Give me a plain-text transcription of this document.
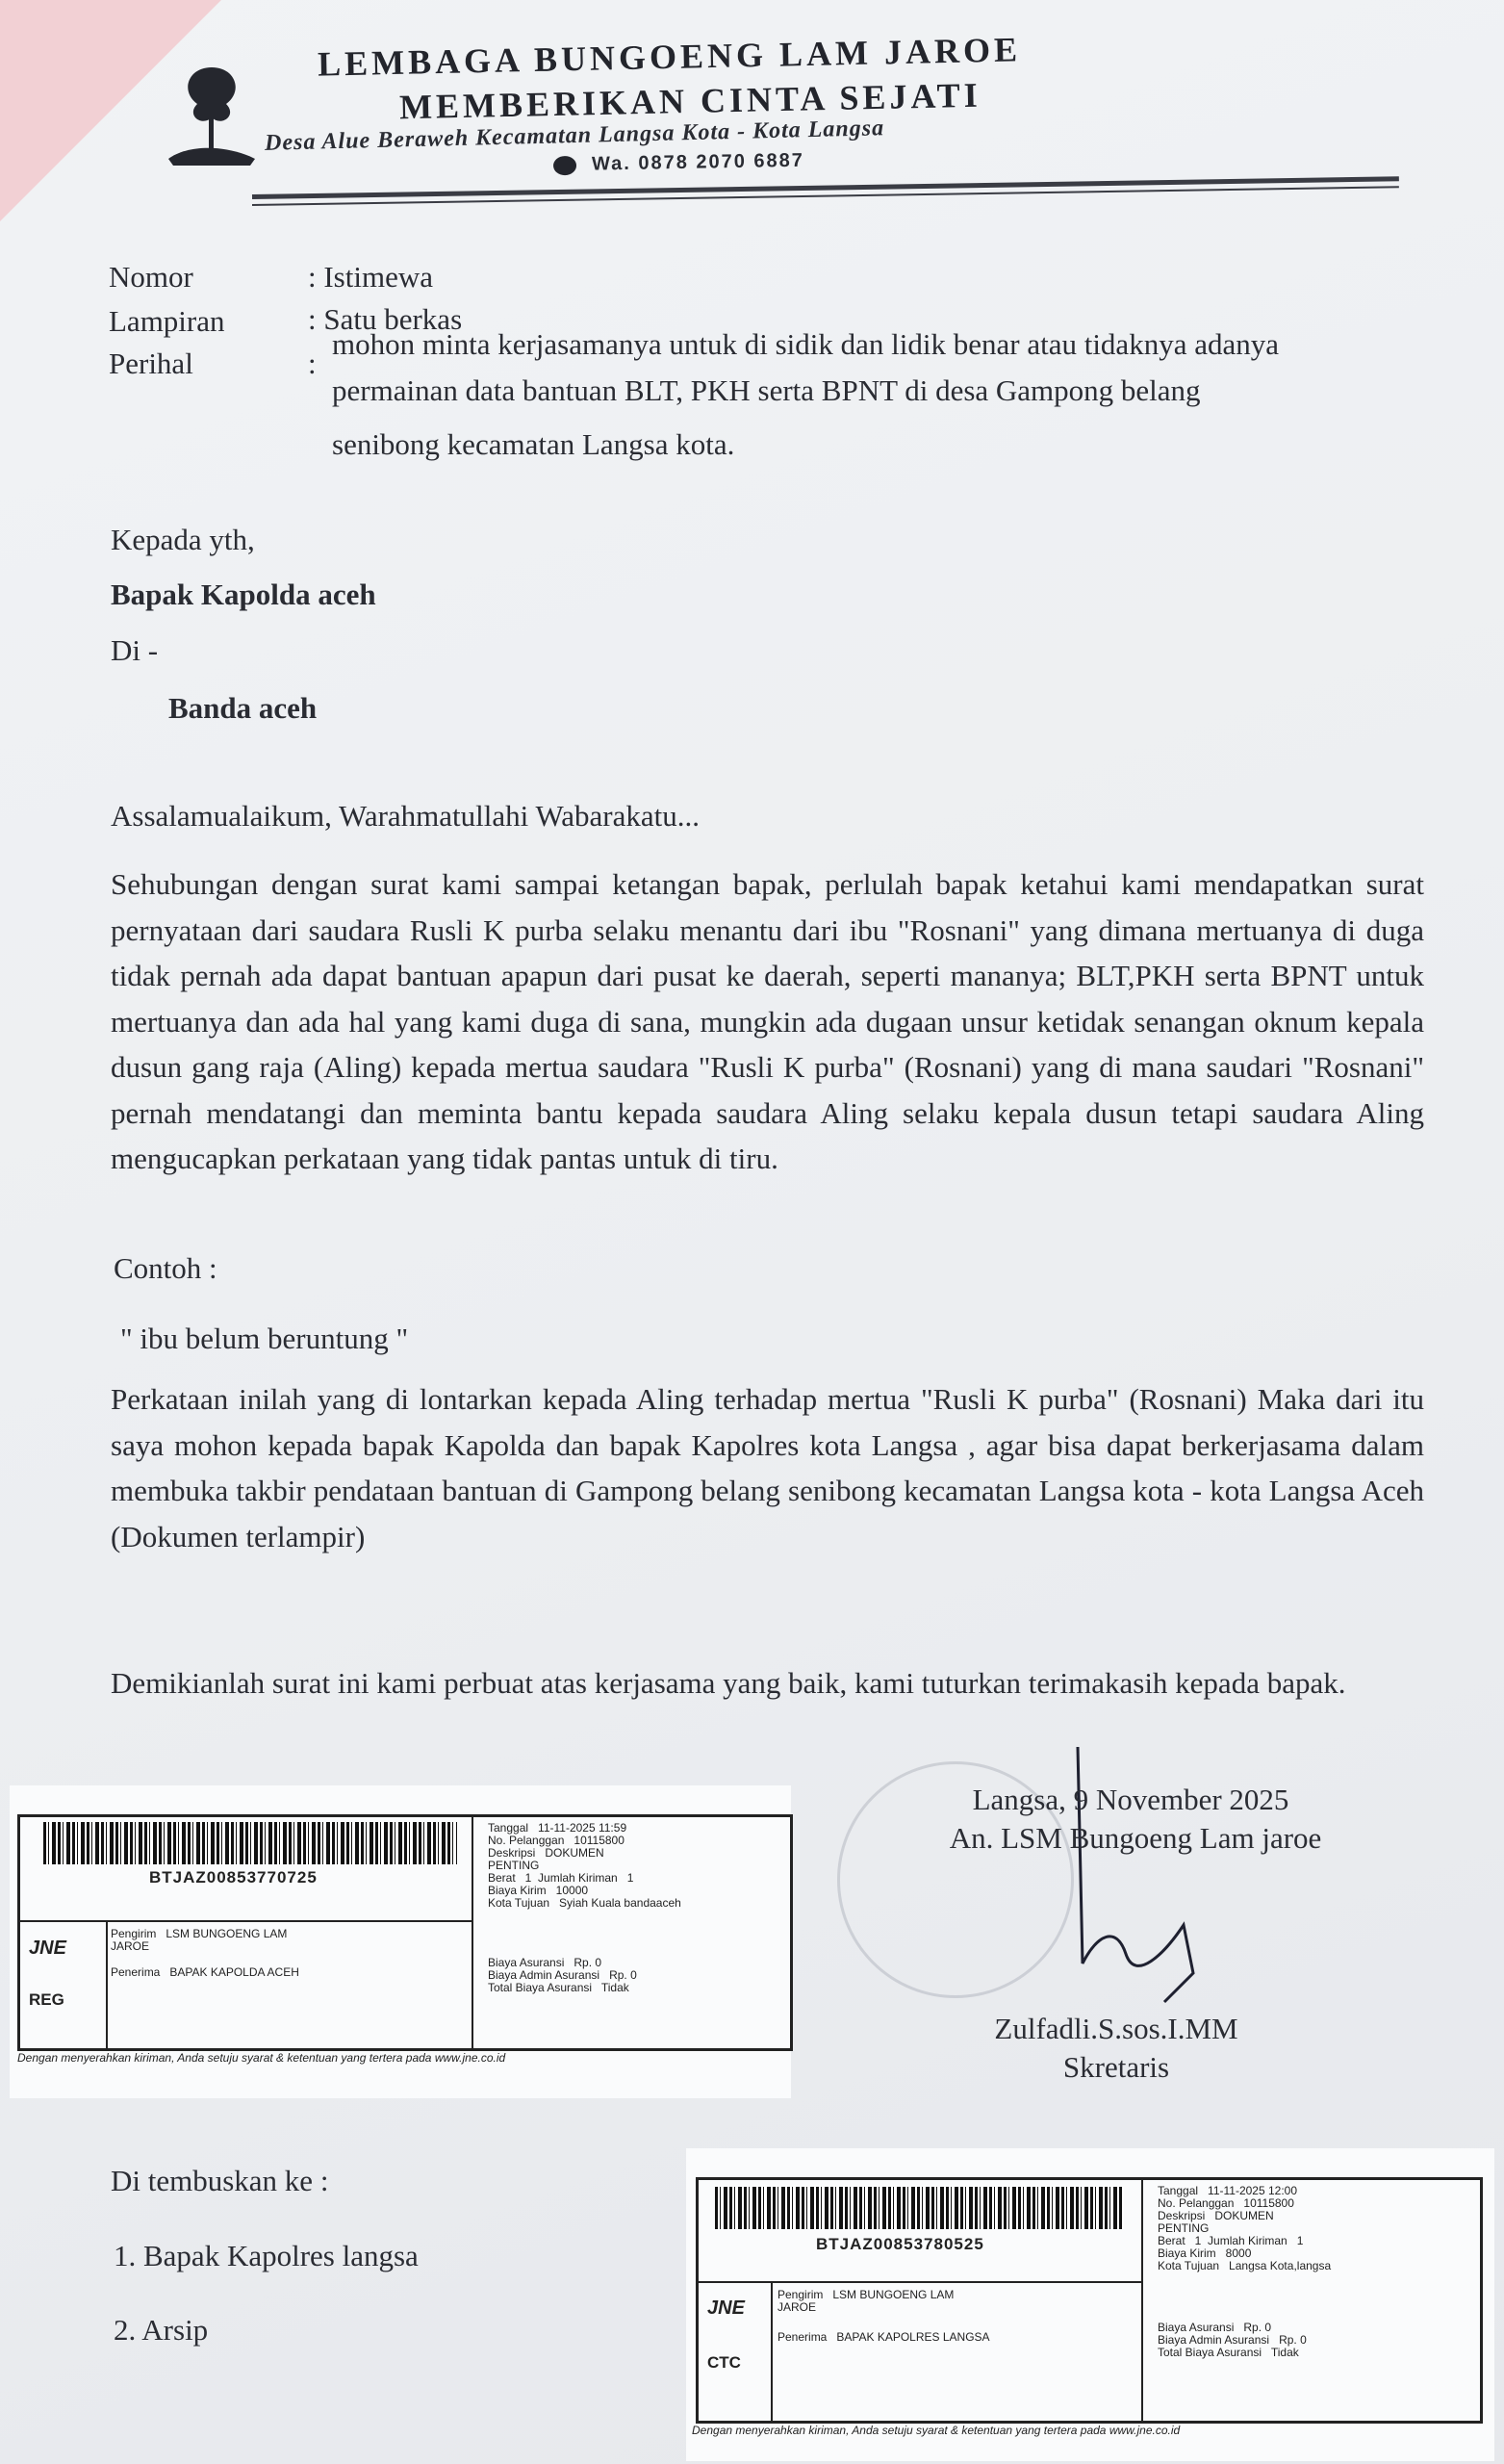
LEMBAGA BUNGOENG LAM JAROE
MEMBERIKAN CINTA SEJATI
Desa Alue Beraweh Kecamatan Langsa Kota - Kota Langsa
Wa. 0878 2070 6887
Nomor	: Istimewa
Lampiran	: Satu berkas
Perihal	:
mohon minta kerjasamanya untuk di sidik dan lidik benar atau tidaknya adanya
permainan data bantuan BLT, PKH serta BPNT di desa Gampong belang
senibong kecamatan Langsa kota.
Kepada yth,
Bapak Kapolda aceh
Di -
Banda aceh
Assalamualaikum, Warahmatullahi Wabarakatu...
Sehubungan dengan surat kami sampai ketangan bapak, perlulah bapak ketahui kami mendapatkan surat pernyataan dari saudara Rusli K purba selaku menantu dari ibu "Rosnani" yang dimana mertuanya di duga tidak pernah ada dapat bantuan apapun dari pusat ke daerah, seperti mananya; BLT,PKH serta BPNT untuk mertuanya dan ada hal yang kami duga di sana, mungkin ada dugaan unsur ketidak senangan oknum kepala dusun gang raja (Aling) kepada mertua saudara "Rusli K purba" (Rosnani) yang di mana saudari "Rosnani" pernah mendatangi dan meminta bantu kepada saudara Aling selaku kepala dusun tetapi saudara Aling mengucapkan perkataan yang tidak pantas untuk di tiru.
Contoh :
" ibu belum beruntung "
Perkataan inilah yang di lontarkan kepada Aling terhadap mertua "Rusli K purba" (Rosnani) Maka dari itu saya mohon kepada bapak Kapolda dan bapak Kapolres kota Langsa , agar bisa dapat berkerjasama dalam membuka takbir pendataan bantuan di Gampong belang senibong kecamatan Langsa kota - kota Langsa Aceh (Dokumen terlampir)
Demikianlah surat ini kami perbuat atas kerjasama yang baik, kami tuturkan terimakasih kepada bapak.
Langsa, 9 November 2025
An. LSM Bungoeng Lam jaroe
Zulfadli.S.sos.I.MM
Skretaris
Di tembuskan ke :
1. Bapak Kapolres langsa
2. Arsip
BTJAZ00853770725
JNE
REG
Pengirim   LSM BUNGOENG LAM
JAROE
Penerima   BAPAK KAPOLDA ACEH
Tanggal   11-11-2025 11:59
No. Pelanggan   10115800
Deskripsi   DOKUMEN
PENTING
Berat   1  Jumlah Kiriman   1
Biaya Kirim   10000
Kota Tujuan   Syiah Kuala bandaaceh
Biaya Asuransi   Rp. 0
Biaya Admin Asuransi   Rp. 0
Total Biaya Asuransi   Tidak
Dengan menyerahkan kiriman, Anda setuju syarat & ketentuan yang tertera pada www.jne.co.id
BTJAZ00853780525
JNE
CTC
Pengirim   LSM BUNGOENG LAM
JAROE
Penerima   BAPAK KAPOLRES LANGSA
Tanggal   11-11-2025 12:00
No. Pelanggan   10115800
Deskripsi   DOKUMEN
PENTING
Berat   1  Jumlah Kiriman   1
Biaya Kirim   8000
Kota Tujuan   Langsa Kota,langsa
Biaya Asuransi   Rp. 0
Biaya Admin Asuransi   Rp. 0
Total Biaya Asuransi   Tidak
Dengan menyerahkan kiriman, Anda setuju syarat & ketentuan yang tertera pada www.jne.co.id
